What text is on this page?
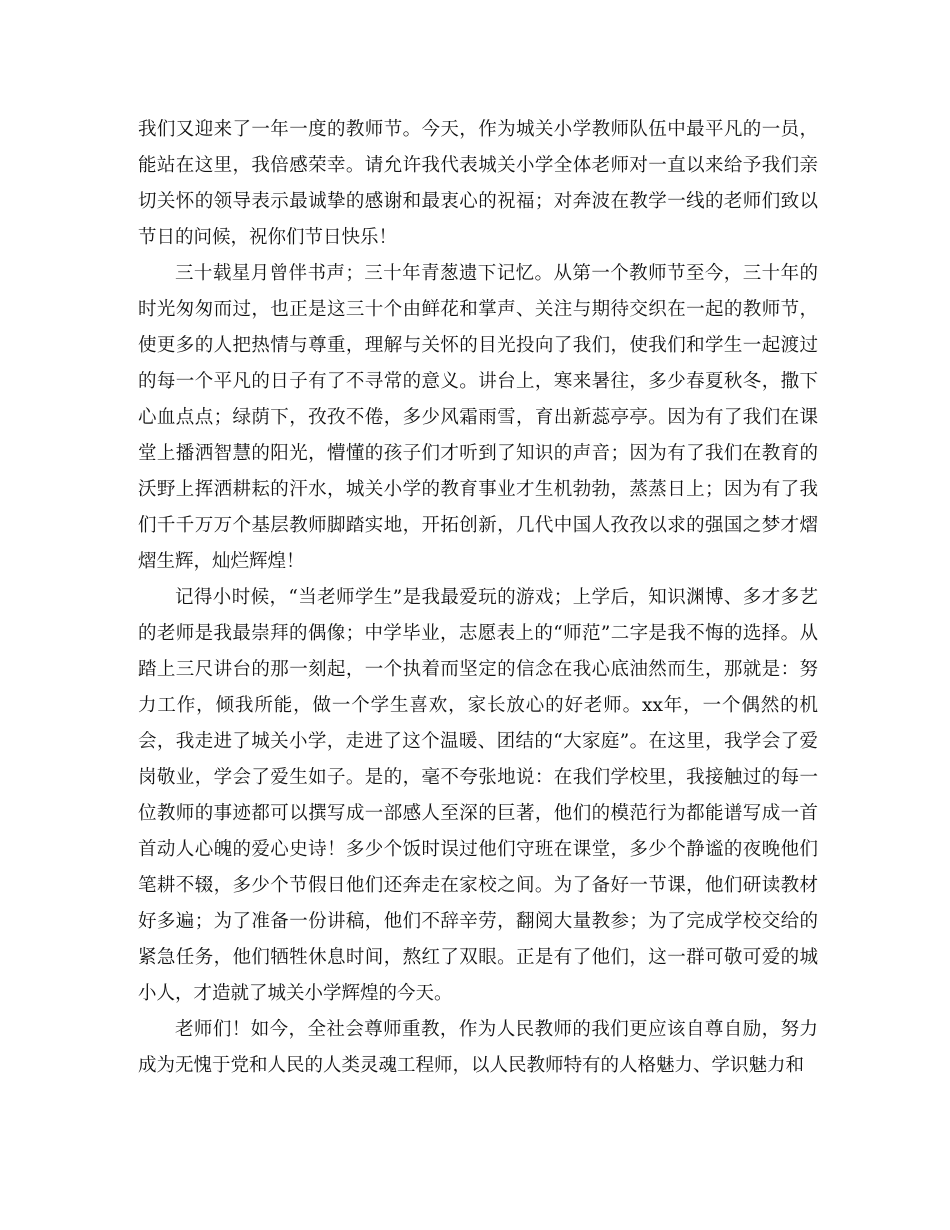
我们又迎来了一年一度的教师节。今天，作为城关小学教师队伍中最平凡的一员，能站在这里，我倍感荣幸。请允许我代表城关小学全体老师对一直以来给予我们亲切关怀的领导表示最诚挚的感谢和最衷心的祝福；对奔波在教学一线的老师们致以节日的问候，祝你们节日快乐！

三十载星月曾伴书声；三十年青葱遗下记忆。从第一个教师节至今，三十年的时光匆匆而过，也正是这三十个由鲜花和掌声、关注与期待交织在一起的教师节，使更多的人把热情与尊重，理解与关怀的目光投向了我们，使我们和学生一起渡过的每一个平凡的日子有了不寻常的意义。讲台上，寒来暑往，多少春夏秋冬，撒下心血点点；绿荫下，孜孜不倦，多少风霜雨雪，育出新蕊亭亭。因为有了我们在课堂上播洒智慧的阳光，懵懂的孩子们才听到了知识的声音；因为有了我们在教育的沃野上挥洒耕耘的汗水，城关小学的教育事业才生机勃勃，蒸蒸日上；因为有了我们千千万万个基层教师脚踏实地，开拓创新，几代中国人孜孜以求的强国之梦才熠熠生辉，灿烂辉煌！

记得小时候，“当老师学生”是我最爱玩的游戏；上学后，知识渊博、多才多艺的老师是我最崇拜的偶像；中学毕业，志愿表上的“师范”二字是我不悔的选择。从踏上三尺讲台的那一刻起，一个执着而坚定的信念在我心底油然而生，那就是：努力工作，倾我所能，做一个学生喜欢，家长放心的好老师。xx年，一个偶然的机会，我走进了城关小学，走进了这个温暖、团结的“大家庭”。在这里，我学会了爱岗敬业，学会了爱生如子。是的，毫不夸张地说：在我们学校里，我接触过的每一位教师的事迹都可以撰写成一部感人至深的巨著，他们的模范行为都能谱写成一首首动人心魄的爱心史诗！多少个饭时误过他们守班在课堂，多少个静谧的夜晚他们笔耕不辍，多少个节假日他们还奔走在家校之间。为了备好一节课，他们研读教材好多遍；为了准备一份讲稿，他们不辞辛劳，翻阅大量教参；为了完成学校交给的紧急任务，他们牺牲休息时间，熬红了双眼。正是有了他们，这一群可敬可爱的城小人，才造就了城关小学辉煌的今天。

老师们！如今，全社会尊师重教，作为人民教师的我们更应该自尊自励，努力成为无愧于党和人民的人类灵魂工程师，以人民教师特有的人格魅力、学识魅力和
